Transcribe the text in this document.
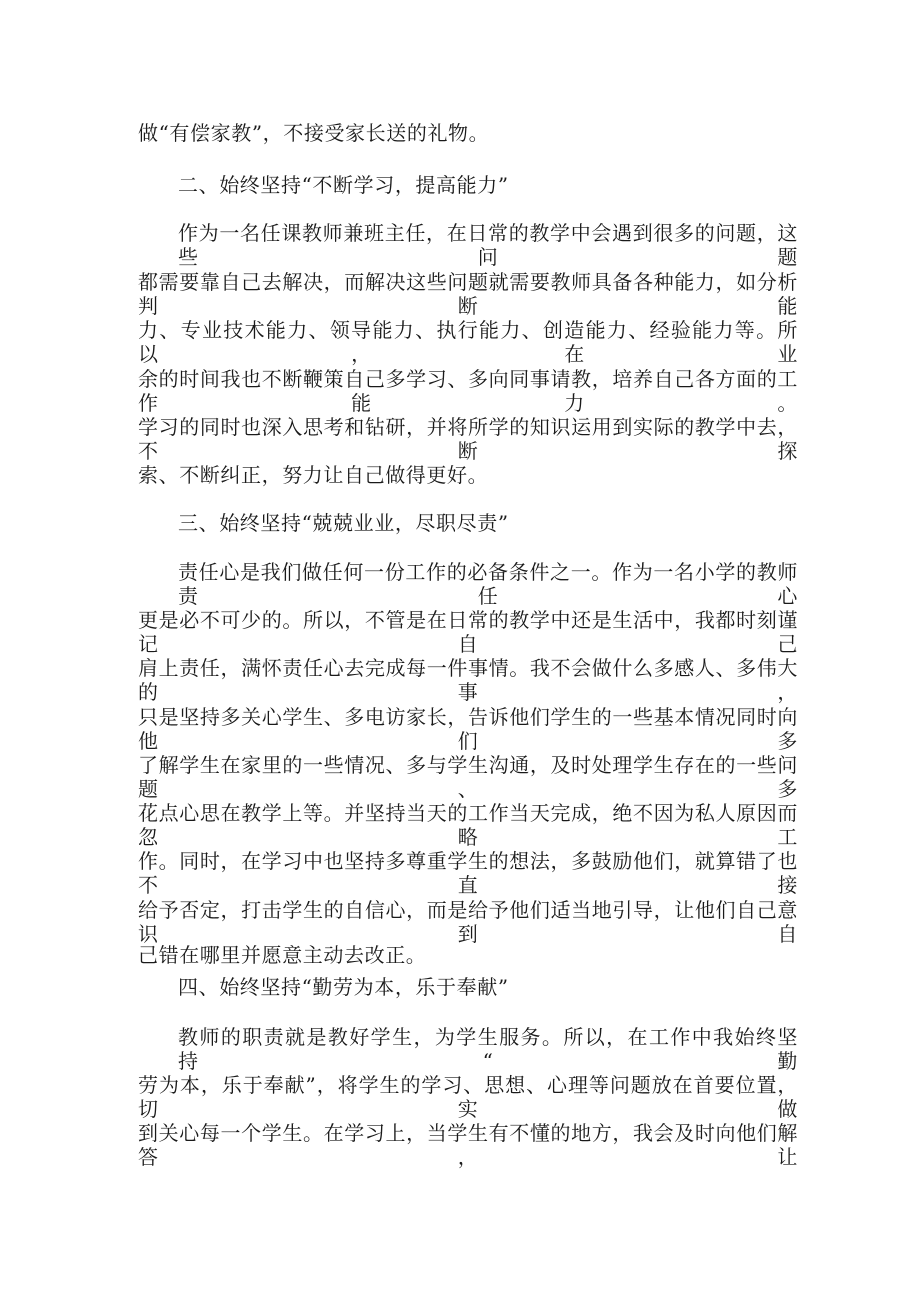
做“有偿家教”，不接受家长送的礼物。
二、始终坚持“不断学习，提高能力”
作为一名任课教师兼班主任，在日常的教学中会遇到很多的问题，这些问题
都需要靠自己去解决，而解决这些问题就需要教师具备各种能力，如分析判断能
力、专业技术能力、领导能力、执行能力、创造能力、经验能力等。所以，在业
余的时间我也不断鞭策自己多学习、多向同事请教，培养自己各方面的工作能力。
学习的同时也深入思考和钻研，并将所学的知识运用到实际的教学中去，不断探
索、不断纠正，努力让自己做得更好。
三、始终坚持“兢兢业业，尽职尽责”
责任心是我们做任何一份工作的必备条件之一。作为一名小学的教师责任心
更是必不可少的。所以，不管是在日常的教学中还是生活中，我都时刻谨记自己
肩上责任，满怀责任心去完成每一件事情。我不会做什么多感人、多伟大的事，
只是坚持多关心学生、多电访家长，告诉他们学生的一些基本情况同时向他们多
了解学生在家里的一些情况、多与学生沟通，及时处理学生存在的一些问题、多
花点心思在教学上等。并坚持当天的工作当天完成，绝不因为私人原因而忽略工
作。同时，在学习中也坚持多尊重学生的想法，多鼓励他们，就算错了也不直接
给予否定，打击学生的自信心，而是给予他们适当地引导，让他们自己意识到自
己错在哪里并愿意主动去改正。
四、始终坚持“勤劳为本，乐于奉献”
教师的职责就是教好学生，为学生服务。所以，在工作中我始终坚持“勤
劳为本，乐于奉献”，将学生的学习、思想、心理等问题放在首要位置，切实做
到关心每一个学生。在学习上，当学生有不懂的地方，我会及时向他们解答，让
